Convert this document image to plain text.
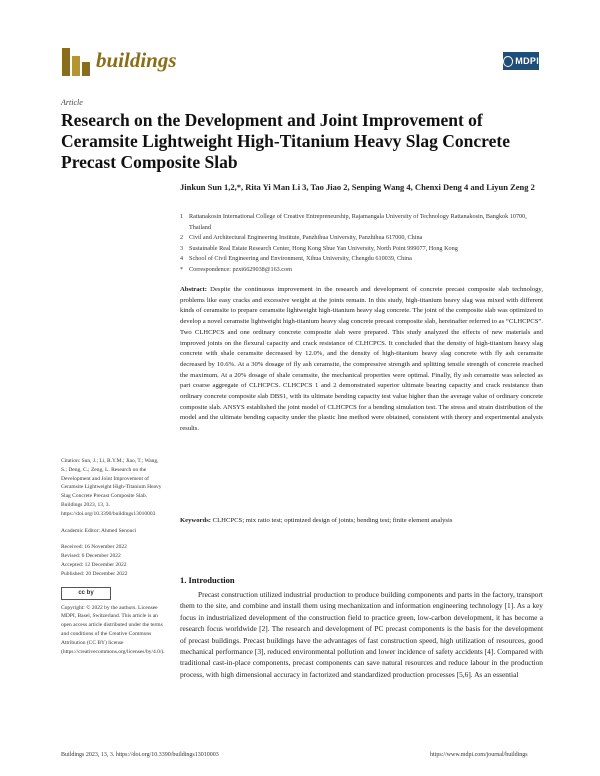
buildings	MDPI
Article
Research on the Development and Joint Improvement of Ceramsite Lightweight High-Titanium Heavy Slag Concrete Precast Composite Slab
Jinkun Sun 1,2,*, Rita Yi Man Li 3, Tao Jiao 2, Senping Wang 4, Chenxi Deng 4 and Liyun Zeng 2
1 Rattanakosin International College of Creative Entrepreneurship, Rajamangala University of Technology Rattanakosin, Bangkok 10700, Thailand
2 Civil and Architectural Engineering Institute, Panzhihua University, Panzhihua 617000, China
3 Sustainable Real Estate Research Center, Hong Kong Shue Yan University, North Point 999077, Hong Kong
4 School of Civil Engineering and Environment, Xihua University, Chengdu 610039, China
* Correspondence: pzxt6629038@163.com
Abstract: Despite the continuous improvement in the research and development of concrete precast composite slab technology, problems like easy cracks and excessive weight at the joints remain. In this study, high-titanium heavy slag was mixed with different kinds of ceramsite to prepare ceramsite lightweight high-titanium heavy slag concrete. The joint of the composite slab was optimized to develop a novel ceramsite lightweight high-titanium heavy slag concrete precast composite slab, hereinafter referred to as “CLHCPCS”. Two CLHCPCS and one ordinary concrete composite slab were prepared. This study analyzed the effects of new materials and improved joints on the flexural capacity and crack resistance of CLHCPCS. It concluded that the density of high-titanium heavy slag concrete with shale ceramsite decreased by 12.0%, and the density of high-titanium heavy slag concrete with fly ash ceramsite decreased by 10.6%. At a 30% dosage of fly ash ceramsite, the compressive strength and splitting tensile strength of concrete reached the maximum. At a 20% dosage of shale ceramsite, the mechanical properties were optimal. Finally, fly ash ceramsite was selected as part coarse aggregate of CLHCPCS. CLHCPCS 1 and 2 demonstrated superior ultimate bearing capacity and crack resistance than ordinary concrete composite slab DBS1, with its ultimate bending capacity test value higher than the average value of ordinary concrete composite slab. ANSYS established the joint model of CLHCPCS for a bending simulation test. The stress and strain distribution of the model and the ultimate bending capacity under the plastic line method were obtained, consistent with theory and experimental analysis results.
Keywords: CLHCPCS; mix ratio test; optimized design of joints; bending test; finite element analysis
Citation: Sun, J.; Li, R.Y.M.; Jiao, T.; Wang, S.; Deng, C.; Zeng, L. Research on the Development and Joint Improvement of Ceramsite Lightweight High-Titanium Heavy Slag Concrete Precast Composite Slab. Buildings 2023, 13, 3. https://doi.org/10.3390/buildings13010003
Academic Editor: Ahmed Senouci
Received: 16 November 2022
Revised: 6 December 2022
Accepted: 12 December 2022
Published: 20 December 2022
cc by
Copyright: © 2022 by the authors. Licensee MDPI, Basel, Switzerland. This article is an open access article distributed under the terms and conditions of the Creative Commons Attribution (CC BY) license (https://creativecommons.org/licenses/by/4.0/).
1. Introduction
Precast construction utilized industrial production to produce building components and parts in the factory, transport them to the site, and combine and install them using mechanization and information engineering technology [1]. As a key focus in industrialized development of the construction field to practice green, low-carbon development, it has become a research focus worldwide [2]. The research and development of PC precast components is the basis for the development of precast buildings. Precast buildings have the advantages of fast construction speed, high utilization of resources, good mechanical performance [3], reduced environmental pollution and lower incidence of safety accidents [4]. Compared with traditional cast-in-place components, precast components can save natural resources and reduce labour in the production process, with high dimensional accuracy in factorized and standardized production processes [5,6]. As an essential
Buildings 2023, 13, 3. https://doi.org/10.3390/buildings13010003	https://www.mdpi.com/journal/buildings
